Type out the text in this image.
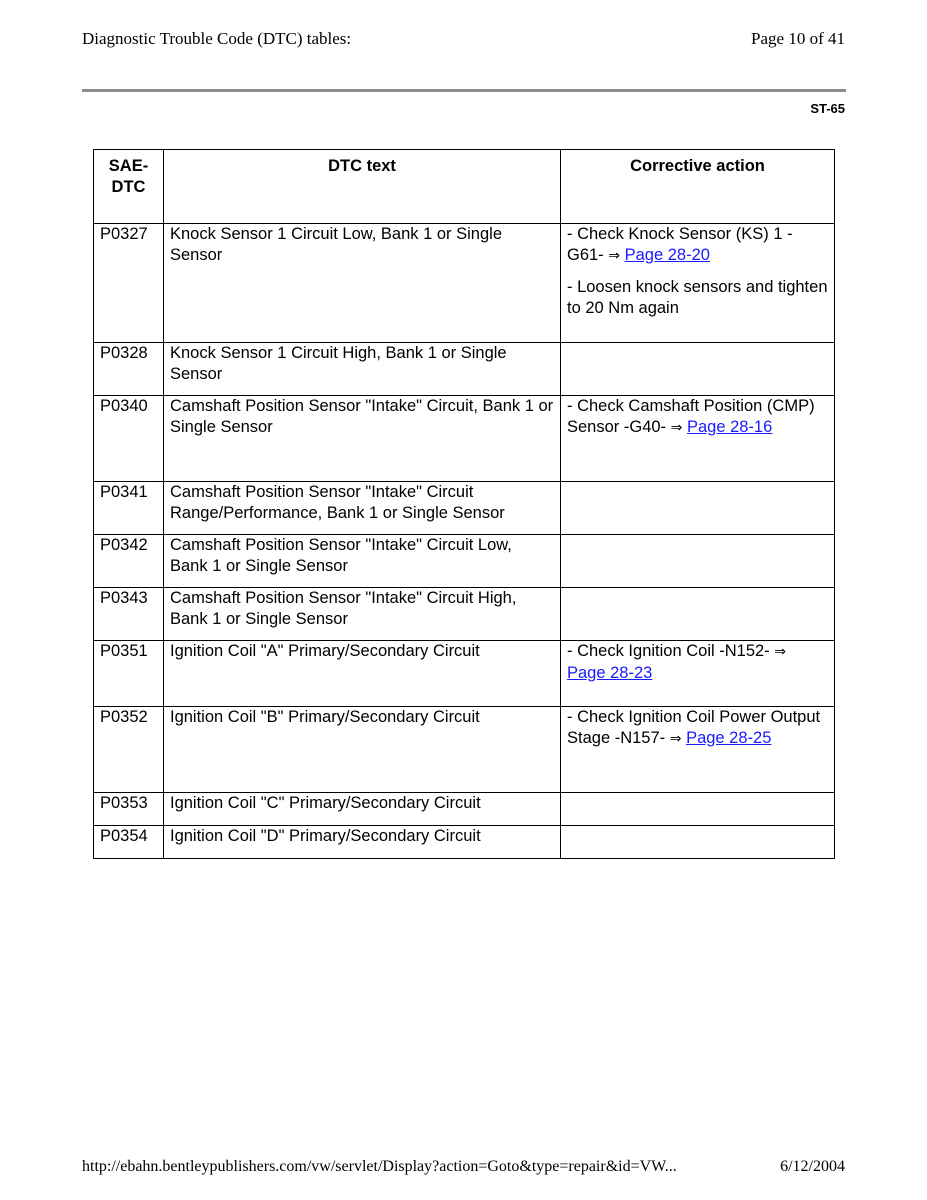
Diagnostic Trouble Code (DTC) tables:	Page 10 of 41
ST-65
SAE-
DTC	DTC text	Corrective action
P0327	Knock Sensor 1 Circuit Low, Bank 1 or Single Sensor	- Check Knock Sensor (KS) 1 -G61- ⇒ Page 28-20

- Loosen knock sensors and tighten to 20 Nm again

P0328	Knock Sensor 1 Circuit High, Bank 1 or Single Sensor	
P0340	Camshaft Position Sensor "Intake" Circuit, Bank 1 or Single Sensor	- Check Camshaft Position (CMP) Sensor -G40- ⇒ Page 28-16

P0341	Camshaft Position Sensor "Intake" Circuit Range/Performance, Bank 1 or Single Sensor	
P0342	Camshaft Position Sensor "Intake" Circuit Low, Bank 1 or Single Sensor	
P0343	Camshaft Position Sensor "Intake" Circuit High, Bank 1 or Single Sensor	
P0351	Ignition Coil "A" Primary/Secondary Circuit	- Check Ignition Coil -N152- ⇒ Page 28-23

P0352	Ignition Coil "B" Primary/Secondary Circuit	- Check Ignition Coil Power Output Stage -N157- ⇒ Page 28-25

P0353	Ignition Coil "C" Primary/Secondary Circuit	
P0354	Ignition Coil "D" Primary/Secondary Circuit	
http://ebahn.bentleypublishers.com/vw/servlet/Display?action=Goto&type=repair&id=VW...	6/12/2004
